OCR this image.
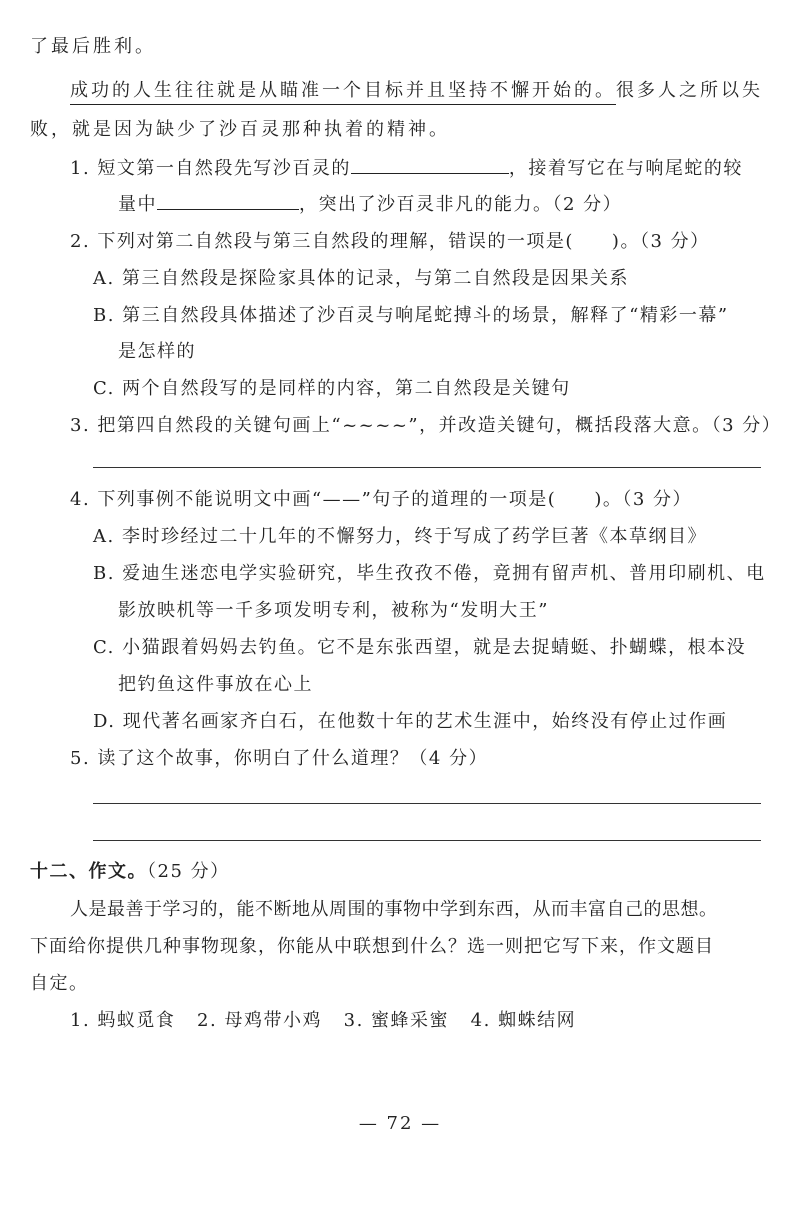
了最后胜利。
成功的人生往往就是从瞄准一个目标并且坚持不懈开始的。很多人之所以失
败，就是因为缺少了沙百灵那种执着的精神。
1. 短文第一自然段先写沙百灵的	，接着写它在与响尾蛇的较
量中	，突出了沙百灵非凡的能力。（2 分）
2. 下列对第二自然段与第三自然段的理解，错误的一项是( )。（3 分）
A. 第三自然段是探险家具体的记录，与第二自然段是因果关系
B. 第三自然段具体描述了沙百灵与响尾蛇搏斗的场景，解释了“精彩一幕”
是怎样的
C. 两个自然段写的是同样的内容，第二自然段是关键句
3. 把第四自然段的关键句画上“~~~~”，并改造关键句，概括段落大意。（3 分）
4. 下列事例不能说明文中画“——”句子的道理的一项是( )。（3 分）
A. 李时珍经过二十几年的不懈努力，终于写成了药学巨著《本草纲目》
B. 爱迪生迷恋电学实验研究，毕生孜孜不倦，竟拥有留声机、普用印刷机、电
影放映机等一千多项发明专利，被称为“发明大王”
C. 小猫跟着妈妈去钓鱼。它不是东张西望，就是去捉蜻蜓、扑蝴蝶，根本没
把钓鱼这件事放在心上
D. 现代著名画家齐白石，在他数十年的艺术生涯中，始终没有停止过作画
5. 读了这个故事，你明白了什么道理？（4 分）
十二、作文。（25 分）
人是最善于学习的，能不断地从周围的事物中学到东西，从而丰富自己的思想。
下面给你提供几种事物现象，你能从中联想到什么？选一则把它写下来，作文题目
自定。
1. 蚂蚁觅食   2. 母鸡带小鸡   3. 蜜蜂采蜜   4. 蜘蛛结网
— 72 —
